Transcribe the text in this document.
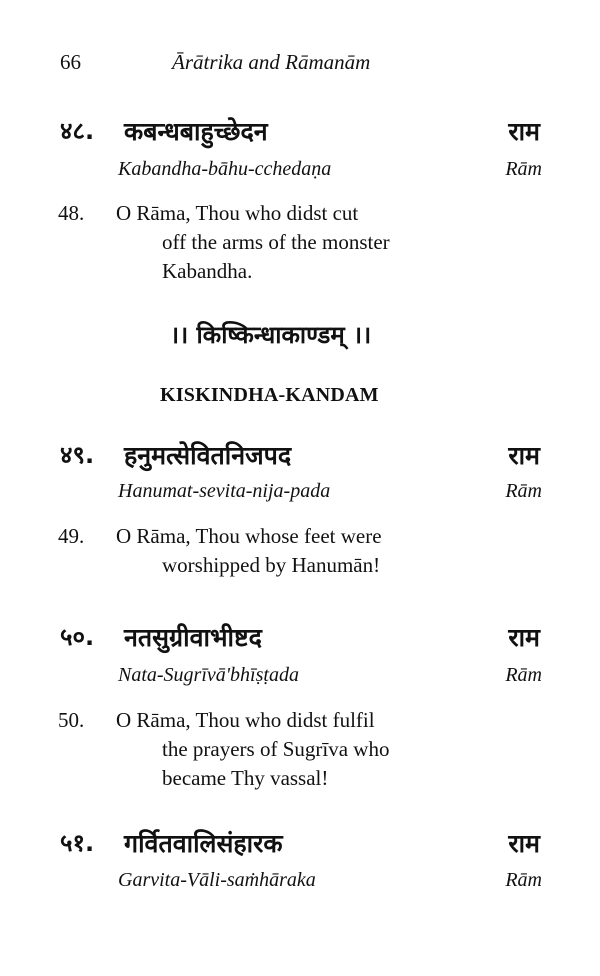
66	Ārātrika and Rāmanām
४८. कबन्धबाहुच्छेदन	राम
Kabandha-bāhu-cchedaṇa	Rām
48. O Rāma, Thou who didst cut
off the arms of the monster
Kabandha.
।। किष्किन्धाकाण्डम् ।।
KISKINDHA-KANDAM
४९. हनुमत्सेवितनिजपद	राम
Hanumat-sevita-nija-pada	Rām
49. O Rāma, Thou whose feet were
worshipped by Hanumān!
५०. नतसुग्रीवाभीष्टद	राम
Nata-Sugrīvā'bhīṣṭada	Rām
50. O Rāma, Thou who didst fulfil
the prayers of Sugrīva who
became Thy vassal!
५१. गर्वितवालिसंहारक	राम
Garvita-Vāli-saṁhāraka	Rām
